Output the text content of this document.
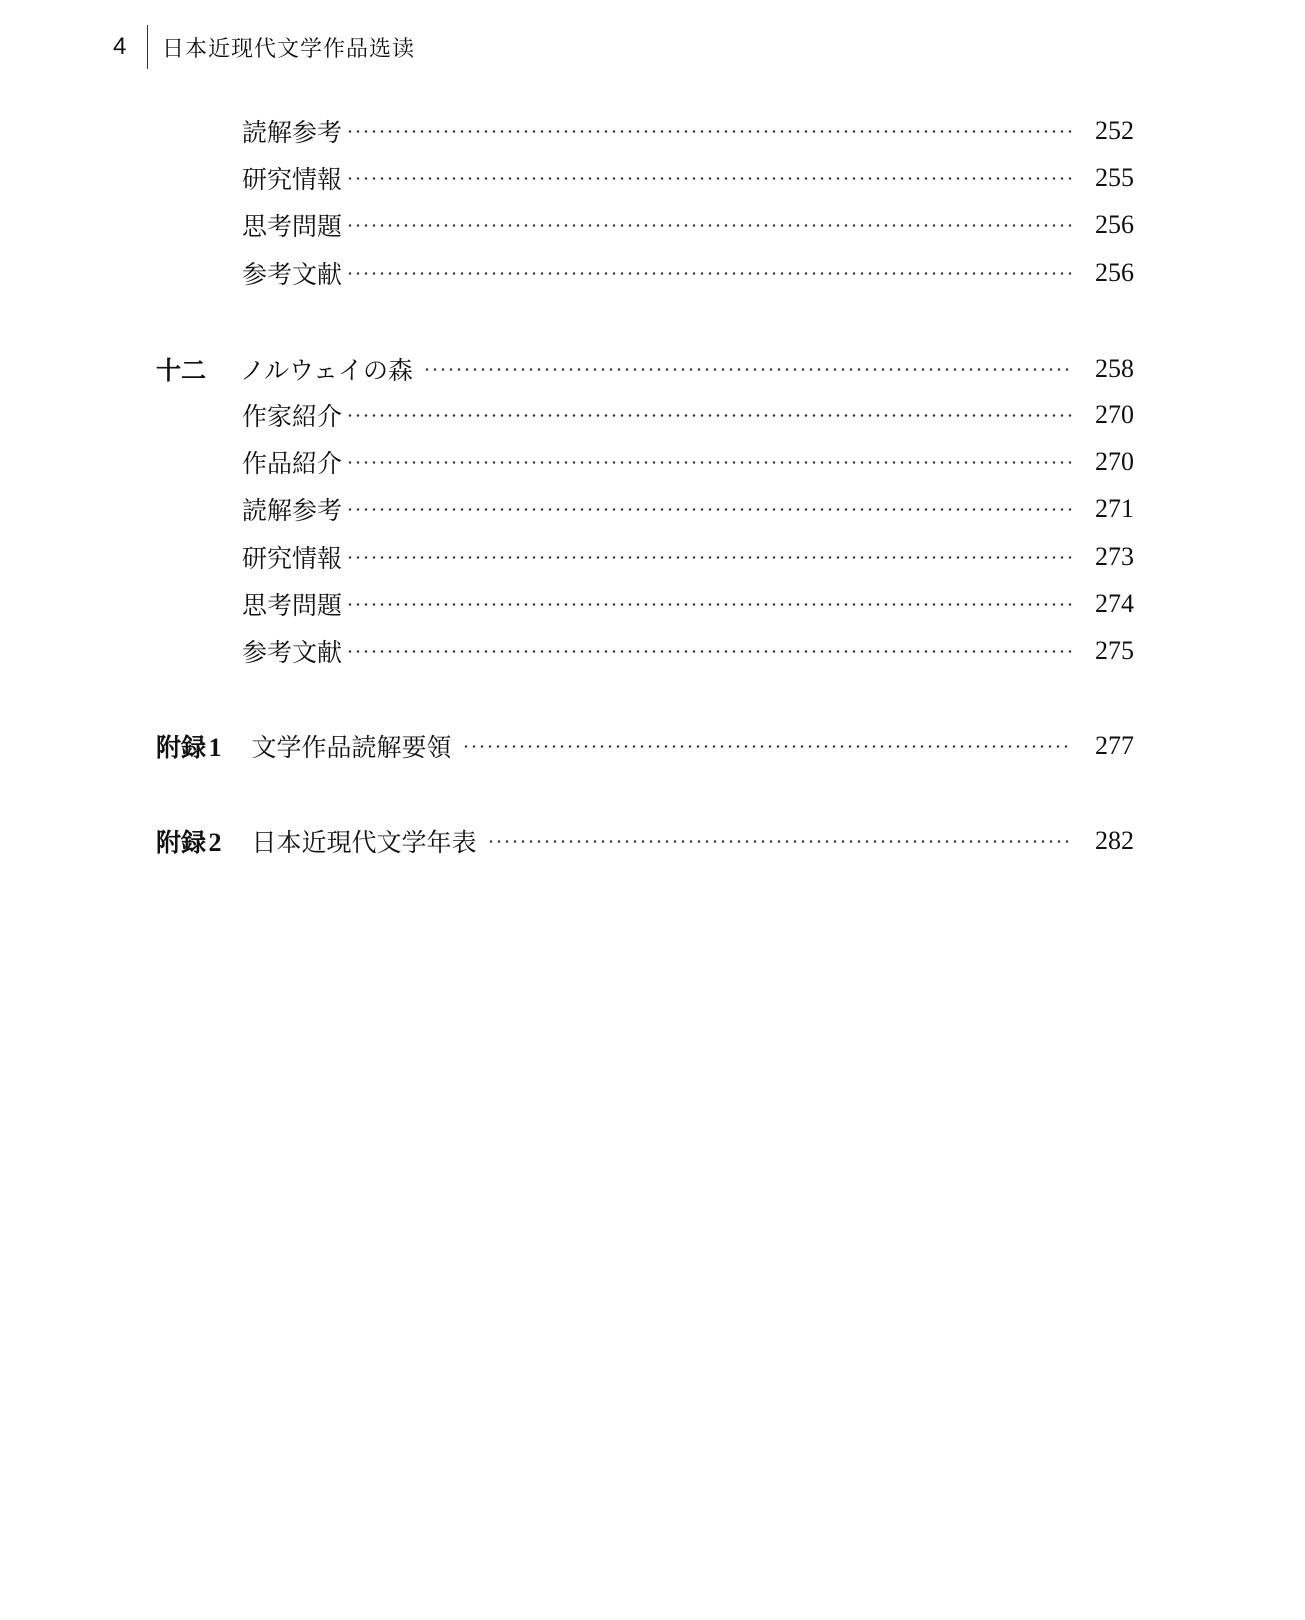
4	日本近现代文学作品选读
読解参考	252
研究情報	255
思考問題	256
参考文献	256
十二	ノルウェイの森	258
作家紹介	270
作品紹介	270
読解参考	271
研究情報	273
思考問題	274
参考文献	275
附録 1 文学作品読解要領	277
附録 2 日本近現代文学年表	282
